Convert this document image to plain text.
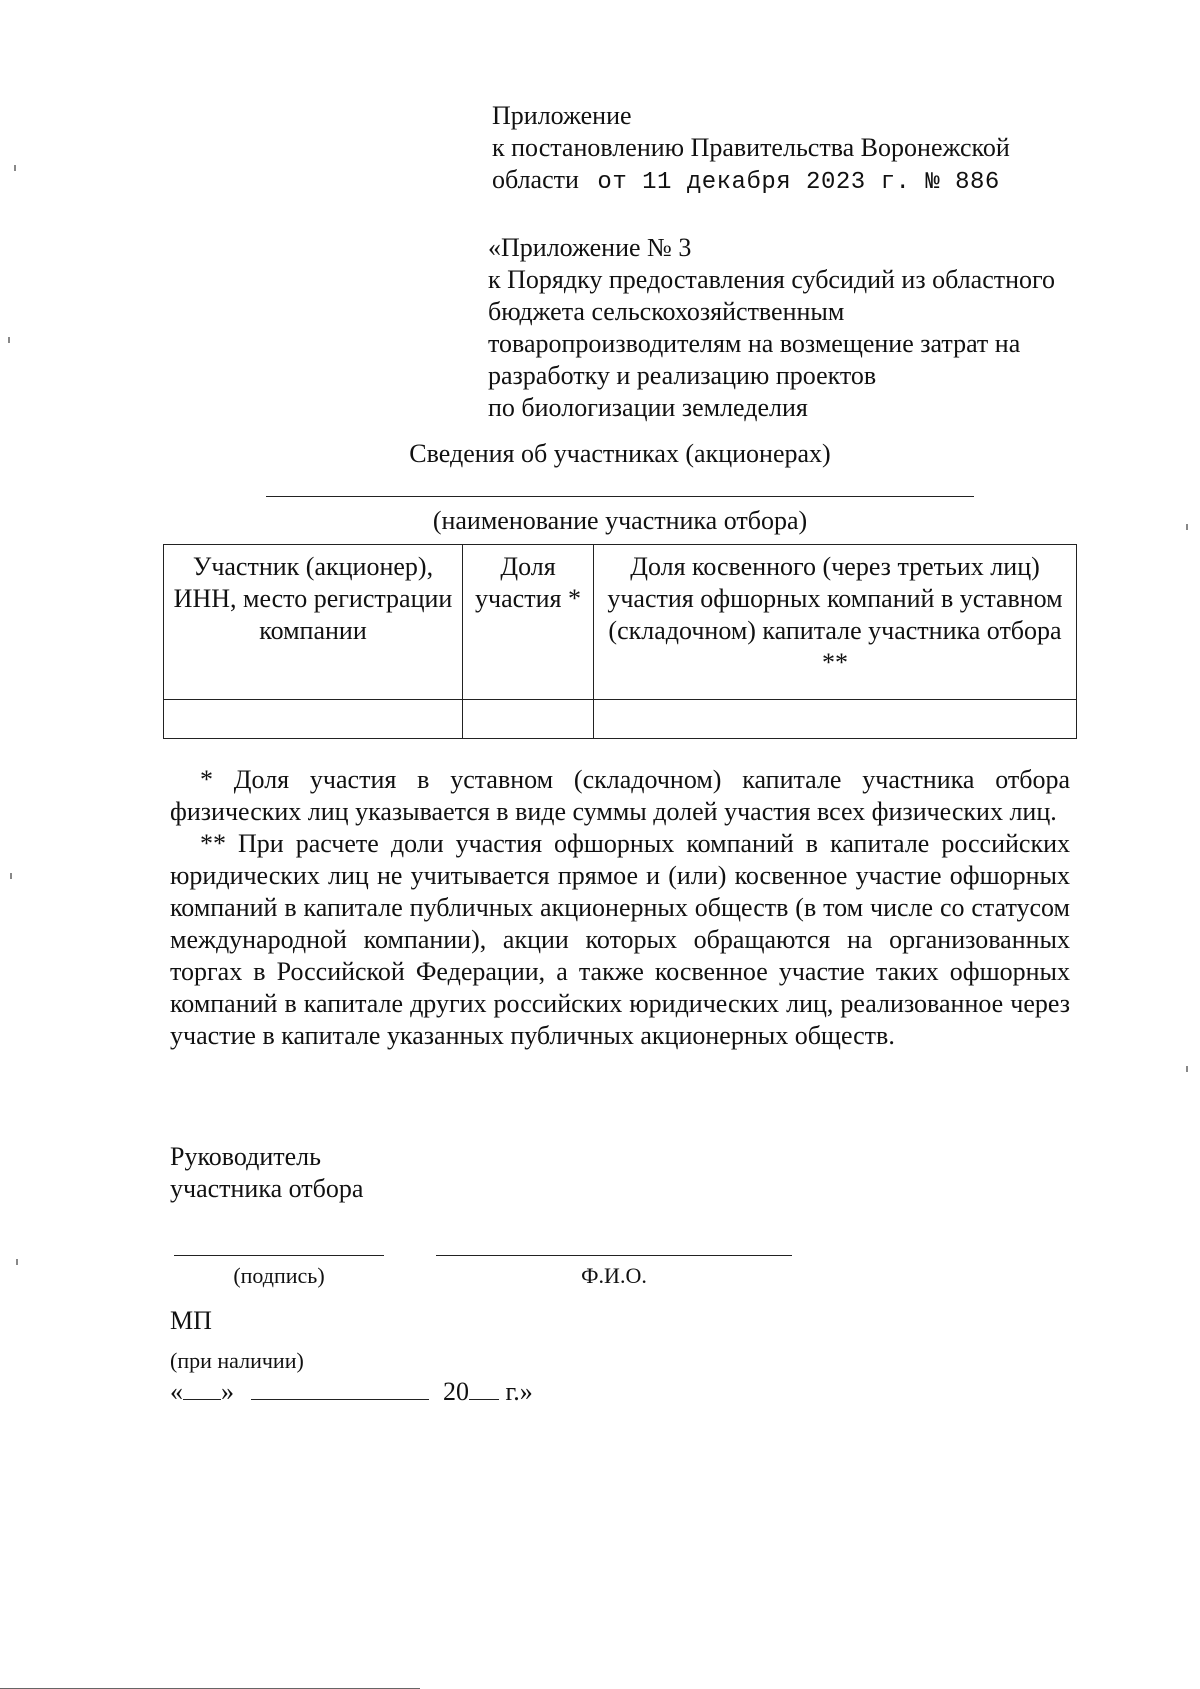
Приложение
к постановлению Правительства Воронежской
области от 11 декабря 2023 г. № 886
«Приложение № 3
к Порядку предоставления субсидий из областного
бюджета сельскохозяйственным
товаропроизводителям на возмещение затрат на
разработку и реализацию проектов
по биологизации земледелия
Сведения об участниках (акционерах)
(наименование участника отбора)
Участник (акционер), ИНН, место регистрации компании	Доля участия *	Доля косвенного (через третьих лиц) участия офшорных компаний в уставном (складочном) капитале участника отбора **

* Доля участия в уставном (складочном) капитале участника отбора физических лиц указывается в виде суммы долей участия всех физических лиц.

** При расчете доли участия офшорных компаний в капитале российских юридических лиц не учитывается прямое и (или) косвенное участие офшорных компаний в капитале публичных акционерных обществ (в том числе со статусом международной компании), акции которых обращаются на организованных торгах в Российской Федерации, а также косвенное участие таких офшорных компаний в капитале других российских юридических лиц, реализованное через участие в капитале указанных публичных акционерных обществ.

Руководитель
участника отбора
(подпись)	Ф.И.О.
МП
(при наличии)
« »	20 г.»
